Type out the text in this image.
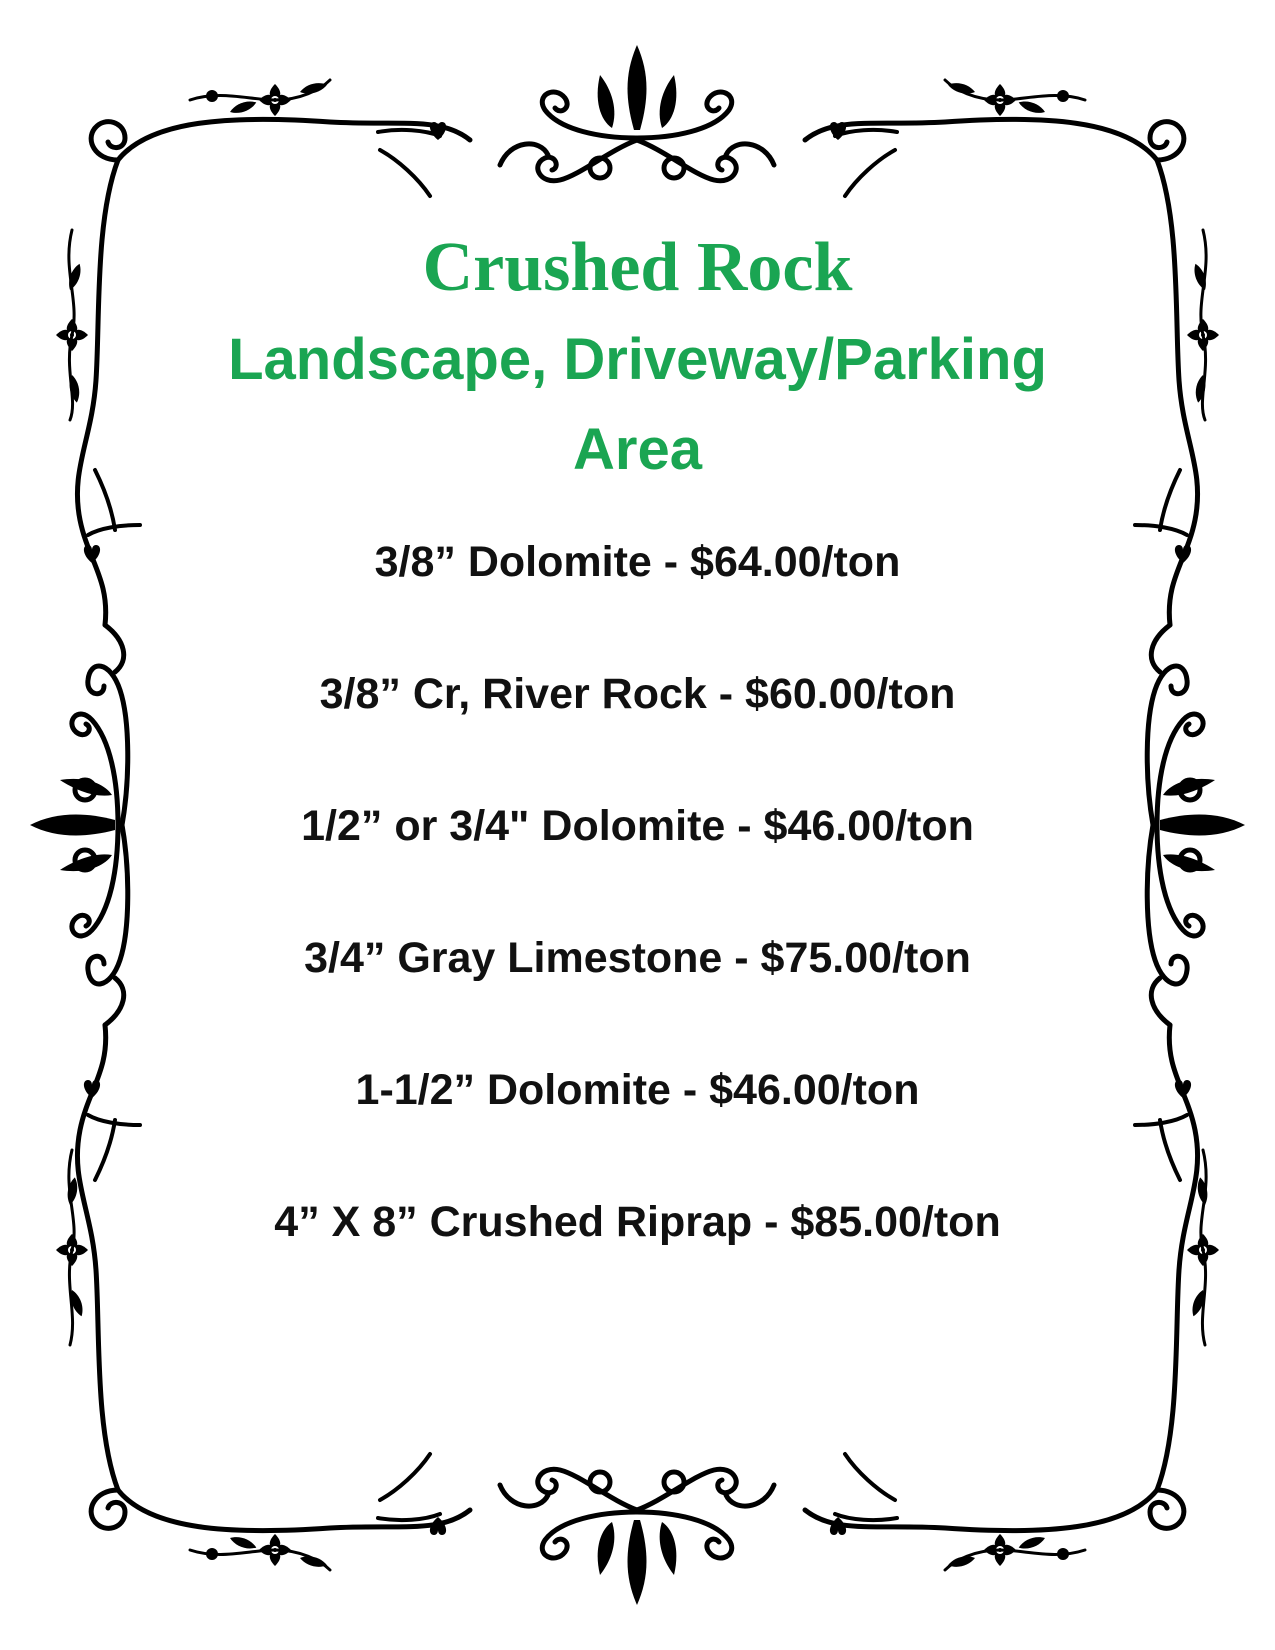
Crushed Rock
Landscape, Driveway/Parking
Area
3/8” Dolomite - $64.00/ton
3/8” Cr, River Rock - $60.00/ton
1/2” or 3/4" Dolomite - $46.00/ton
3/4” Gray Limestone - $75.00/ton
1-1/2” Dolomite - $46.00/ton
4” X 8” Crushed Riprap - $85.00/ton
